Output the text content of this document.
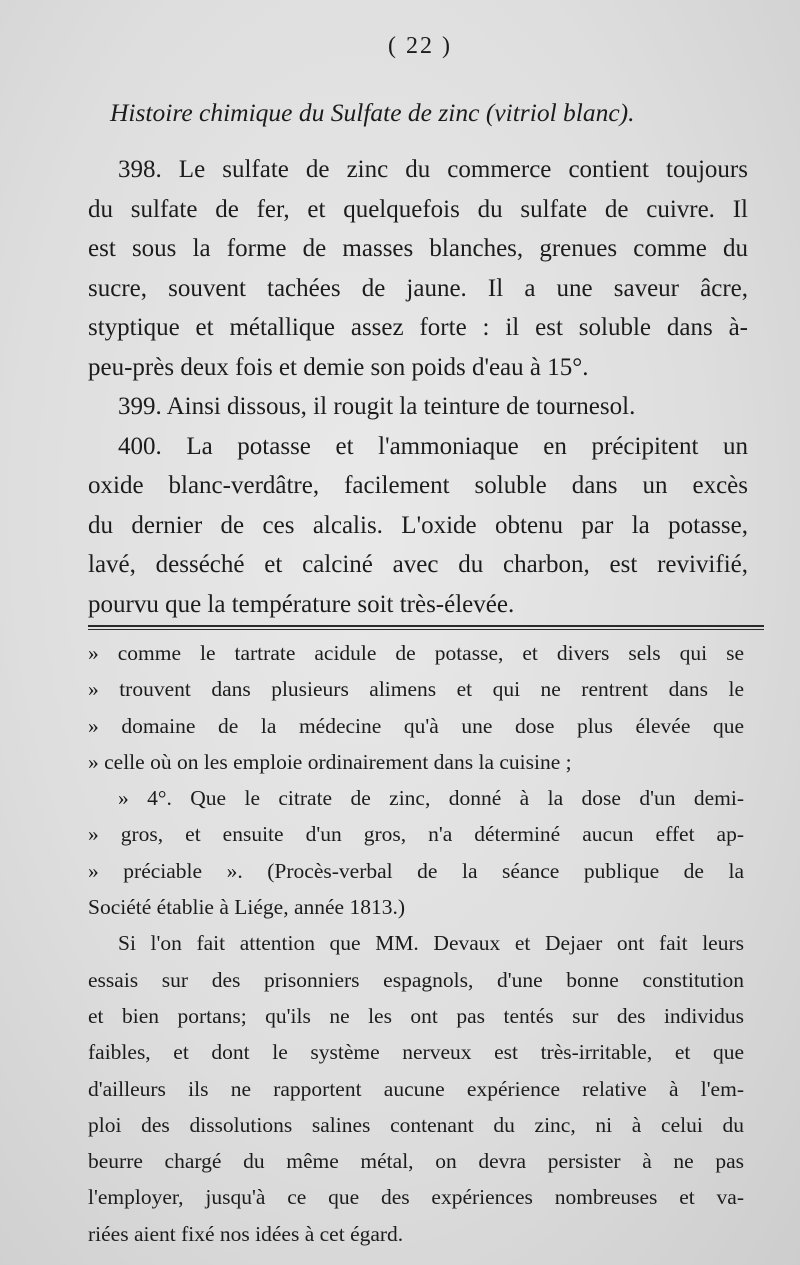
( 22 )
Histoire chimique du Sulfate de zinc (vitriol blanc).
398. Le sulfate de zinc du commerce contient toujours
du sulfate de fer, et quelquefois du sulfate de cuivre. Il
est sous la forme de masses blanches, grenues comme du
sucre, souvent tachées de jaune. Il a une saveur âcre,
styptique et métallique assez forte : il est soluble dans à-
peu-près deux fois et demie son poids d'eau à 15°.
399. Ainsi dissous, il rougit la teinture de tournesol.
400. La potasse et l'ammoniaque en précipitent un
oxide blanc-verdâtre, facilement soluble dans un excès
du dernier de ces alcalis. L'oxide obtenu par la potasse,
lavé, desséché et calciné avec du charbon, est revivifié,
pourvu que la température soit très-élevée.
» comme le tartrate acidule de potasse, et divers sels qui se
» trouvent dans plusieurs alimens et qui ne rentrent dans le
» domaine de la médecine qu'à une dose plus élevée que
» celle où on les emploie ordinairement dans la cuisine ;
» 4°. Que le citrate de zinc, donné à la dose d'un demi-
» gros, et ensuite d'un gros, n'a déterminé aucun effet ap-
» préciable ». (Procès-verbal de la séance publique de la
Société établie à Liége, année 1813.)
Si l'on fait attention que MM. Devaux et Dejaer ont fait leurs
essais sur des prisonniers espagnols, d'une bonne constitution
et bien portans; qu'ils ne les ont pas tentés sur des individus
faibles, et dont le système nerveux est très-irritable, et que
d'ailleurs ils ne rapportent aucune expérience relative à l'em-
ploi des dissolutions salines contenant du zinc, ni à celui du
beurre chargé du même métal, on devra persister à ne pas
l'employer, jusqu'à ce que des expériences nombreuses et va-
riées aient fixé nos idées à cet égard.
